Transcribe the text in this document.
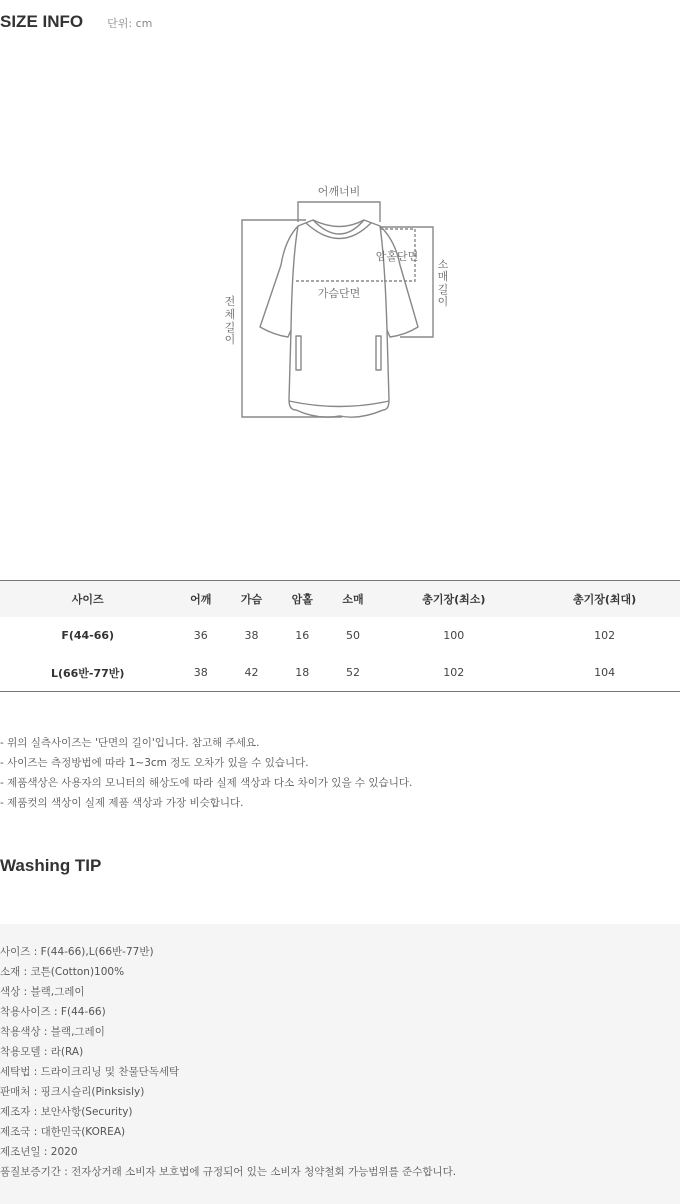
SIZE INFO 단위: cm
어깨너비
암홀단면
가슴단면
전
체
길
이
소
매
길
이
사이즈	어깨	가슴	암홀	소매	총기장(최소)	총기장(최대)
F(44-66)	36	38	16	50	100	102
L(66반-77반)	38	42	18	52	102	104
- 위의 실측사이즈는 '단면의 길이'입니다. 참고해 주세요.
- 사이즈는 측정방법에 따라 1~3cm 정도 오차가 있을 수 있습니다.
- 제품색상은 사용자의 모니터의 해상도에 따라 실제 색상과 다소 차이가 있을 수 있습니다.
- 제품컷의 색상이 실제 제품 색상과 가장 비슷합니다.
Washing TIP
사이즈 : F(44-66),L(66반-77반)
소재 : 코튼(Cotton)100%
색상 : 블랙,그레이
착용사이즈 : F(44-66)
착용색상 : 블랙,그레이
착용모델 : 라(RA)
세탁법 : 드라이크리닝 및 찬물단독세탁
판매처 : 핑크시슬리(Pinksisly)
제조자 : 보안사항(Security)
제조국 : 대한민국(KOREA)
제조년일 : 2020
품질보증기간 : 전자상거래 소비자 보호법에 규정되어 있는 소비자 청약철회 가능범위를 준수합니다.
